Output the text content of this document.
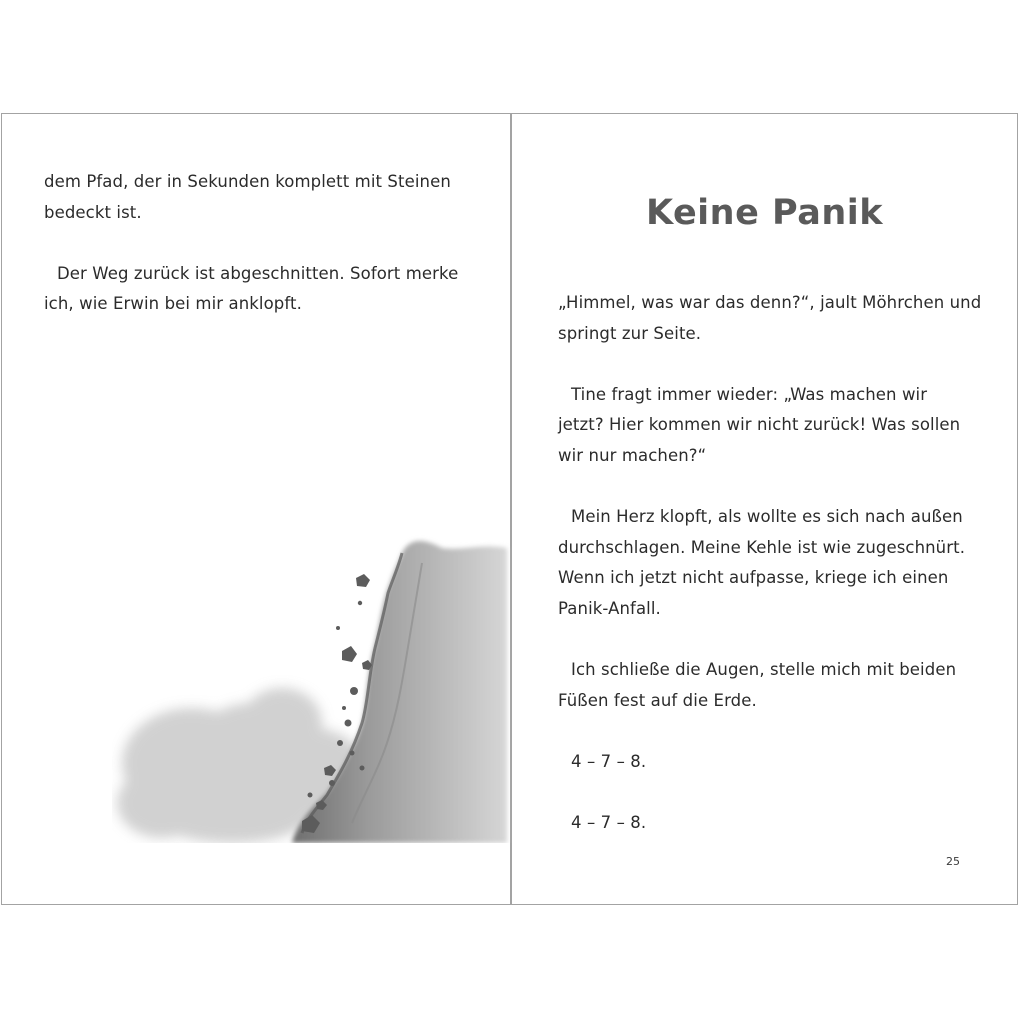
dem Pfad, der in Sekunden komplett mit Steinen
bedeckt ist.

Der Weg zurück ist abgeschnitten. Sofort merke
ich, wie Erwin bei mir anklopft.

Keine Panik

„Himmel, was war das denn?“, jault Möhrchen und
springt zur Seite.

Tine fragt immer wieder: „Was machen wir
jetzt? Hier kommen wir nicht zurück! Was sollen
wir nur machen?“

Mein Herz klopft, als wollte es sich nach außen
durchschlagen. Meine Kehle ist wie zugeschnürt.
Wenn ich jetzt nicht aufpasse, kriege ich einen
Panik-Anfall.

Ich schließe die Augen, stelle mich mit beiden
Füßen fest auf die Erde.

4 – 7 – 8.

4 – 7 – 8.

25
